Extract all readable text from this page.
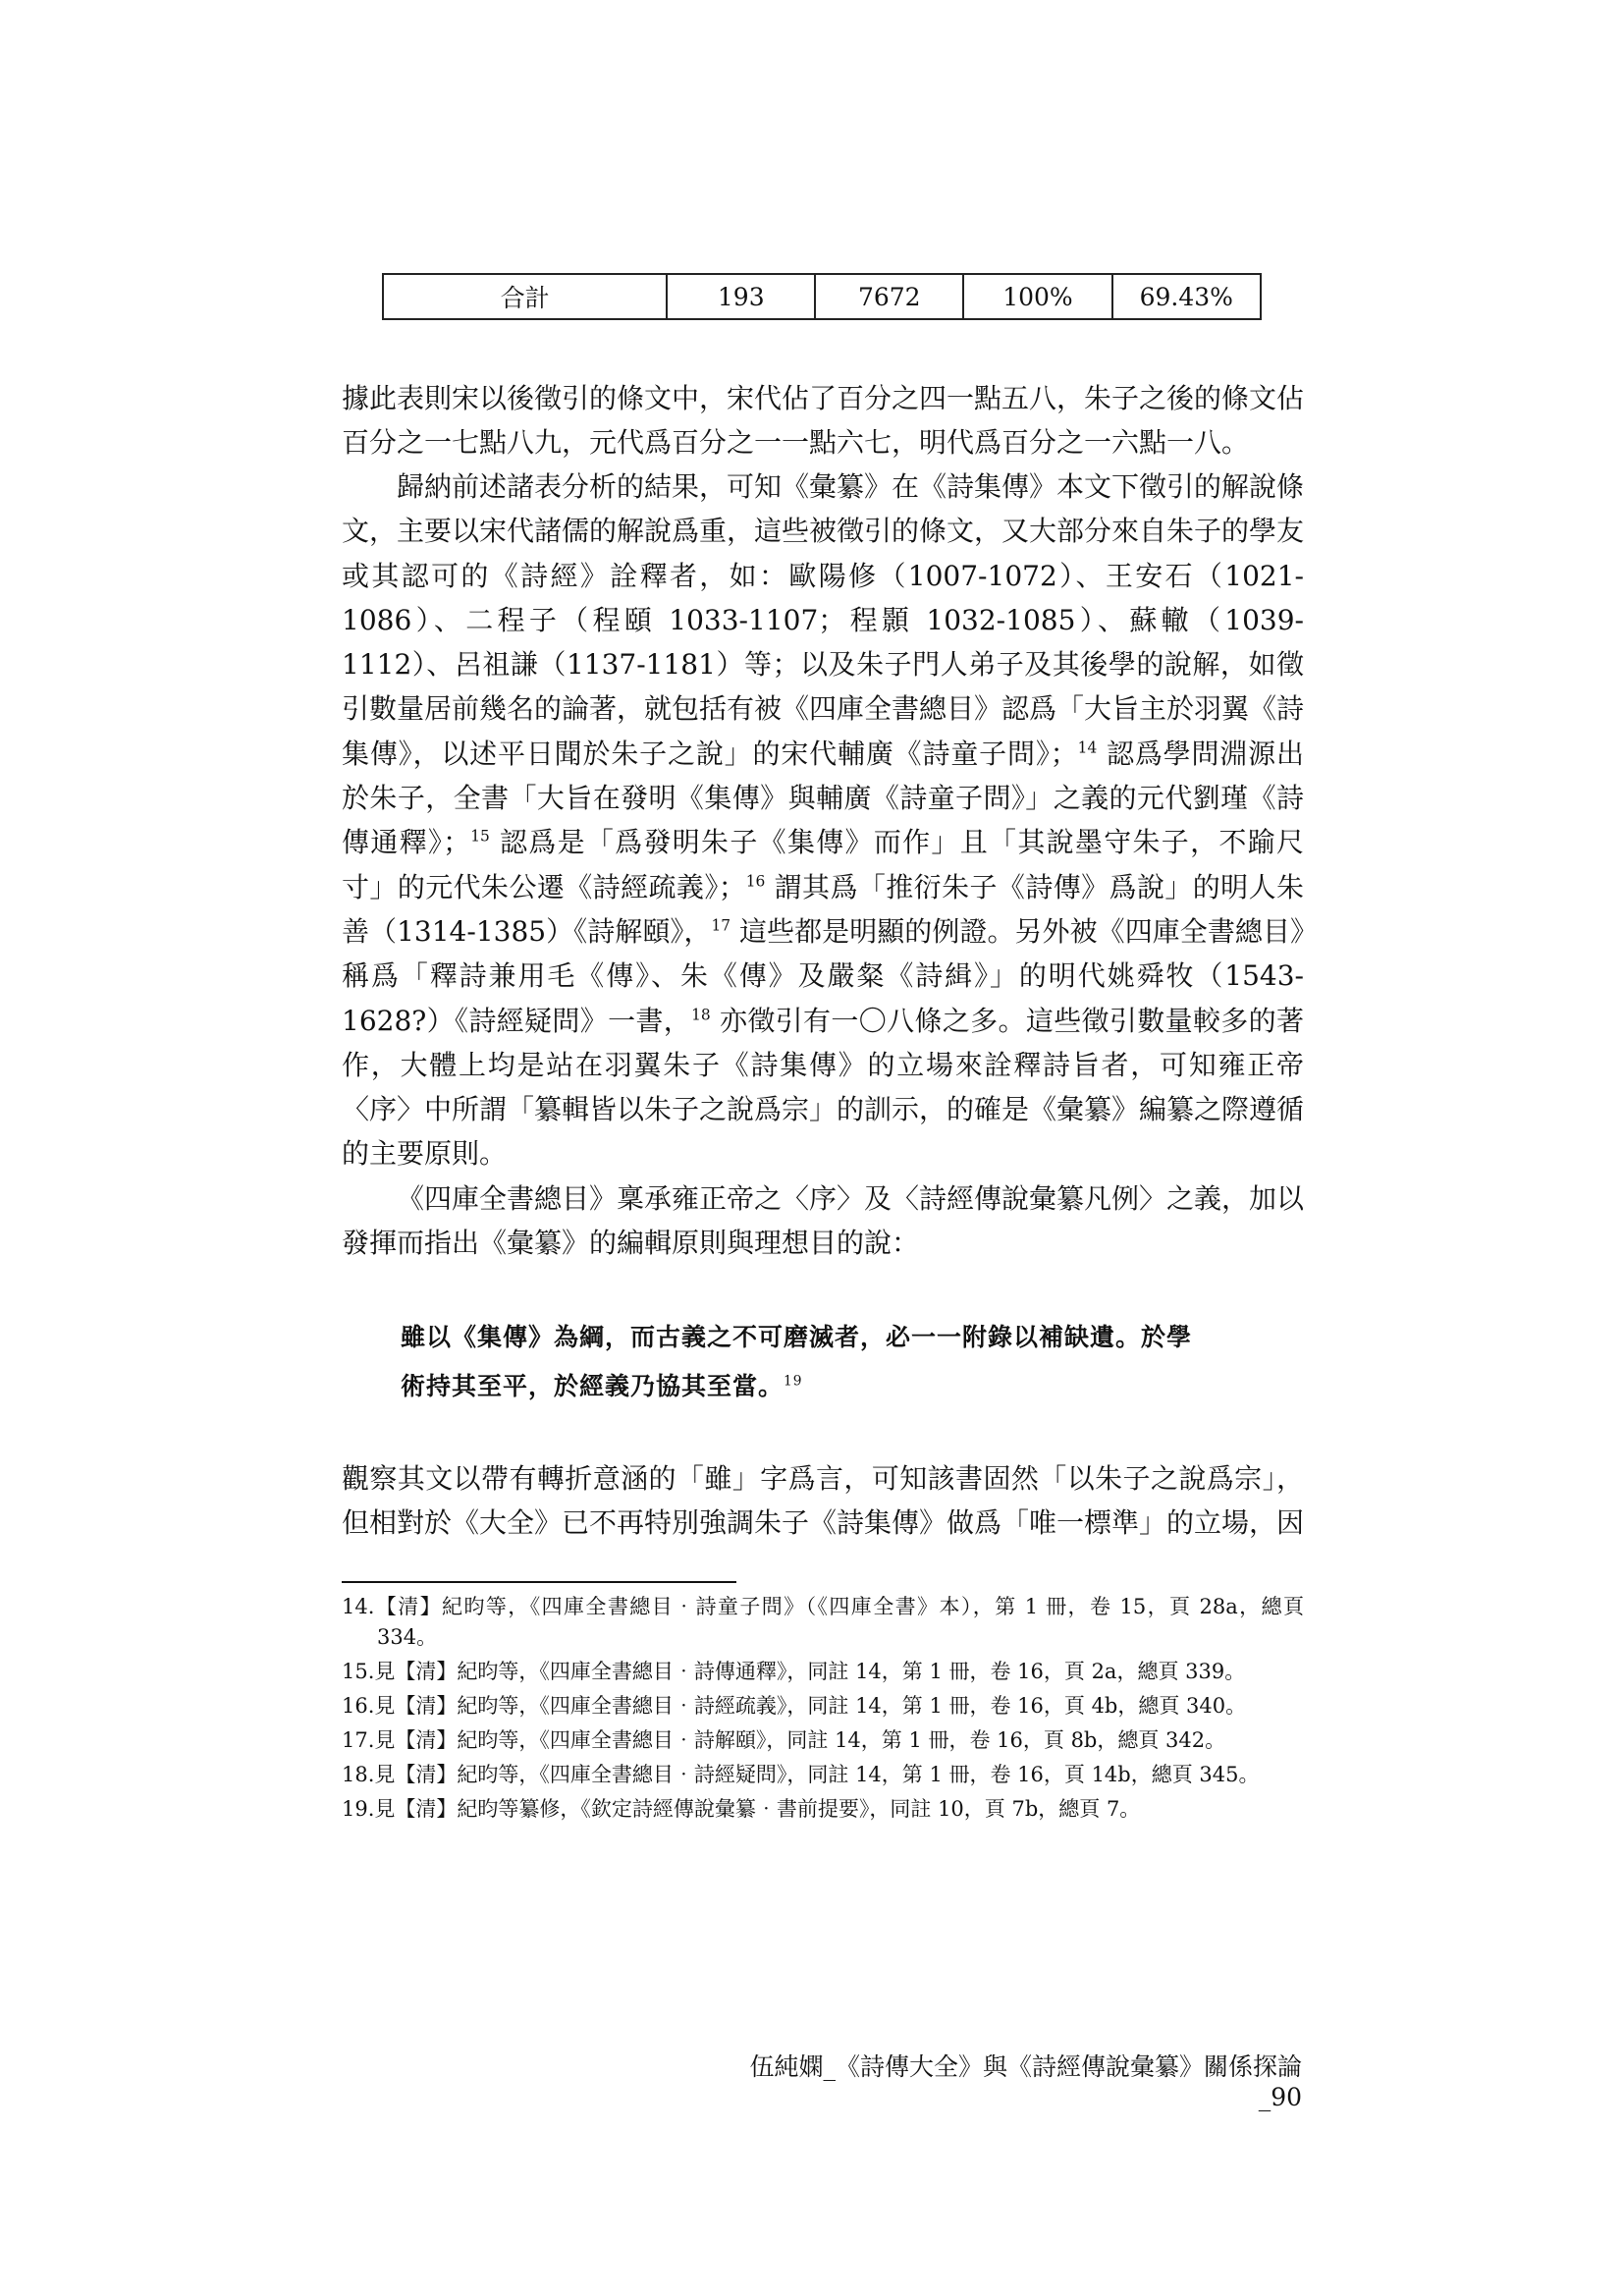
合計	193	7672	100%	69.43%

據此表則宋以後徵引的條文中，宋代佔了百分之四一點五八，朱子之後的條文佔百分之一七點八九，元代爲百分之一一點六七，明代爲百分之一六點一八。

歸納前述諸表分析的結果，可知《彙纂》在《詩集傳》本文下徵引的解說條文，主要以宋代諸儒的解說爲重，這些被徵引的條文，又大部分來自朱子的學友或其認可的《詩經》詮釋者，如：歐陽修（1007-1072）、王安石（1021-1086）、二程子（程頤 1033-1107；程顥 1032-1085）、蘇轍（1039-1112）、呂祖謙（1137-1181）等；以及朱子門人弟子及其後學的說解，如徵引數量居前幾名的論著，就包括有被《四庫全書總目》認爲「大旨主於羽翼《詩集傳》，以述平日聞於朱子之說」的宋代輔廣《詩童子問》；$^{14}$ 認爲學問淵源出於朱子，全書「大旨在發明《集傳》與輔廣《詩童子問》」之義的元代劉瑾《詩傳通釋》；$^{15}$ 認爲是「爲發明朱子《集傳》而作」且「其說墨守朱子，不踰尺寸」的元代朱公遷《詩經疏義》；$^{16}$ 謂其爲「推衍朱子《詩傳》爲說」的明人朱善（1314-1385）《詩解頤》，$^{17}$ 這些都是明顯的例證。另外被《四庫全書總目》稱爲「釋詩兼用毛《傳》、朱《傳》及嚴粲《詩緝》」的明代姚舜牧（1543-1628?）《詩經疑問》一書，$^{18}$ 亦徵引有一〇八條之多。這些徵引數量較多的著作，大體上均是站在羽翼朱子《詩集傳》的立場來詮釋詩旨者，可知雍正帝〈序〉中所謂「纂輯皆以朱子之說爲宗」的訓示，的確是《彙纂》編纂之際遵循的主要原則。

《四庫全書總目》稟承雍正帝之〈序〉及〈詩經傳說彙纂凡例〉之義，加以發揮而指出《彙纂》的編輯原則與理想目的說：

雖以《集傳》為綱，而古義之不可磨滅者，必一一附錄以補缺遺。於學

術持其至平，於經義乃協其至當。$^{19}$

觀察其文以帶有轉折意涵的「雖」字爲言，可知該書固然「以朱子之說爲宗」，但相對於《大全》已不再特別強調朱子《詩集傳》做爲「唯一標準」的立場，因

14.【清】紀昀等，《四庫全書總目‧詩童子問》（《四庫全書》本），第 1 冊，卷 15，頁 28a，總頁 334。

15.見【清】紀昀等，《四庫全書總目‧詩傳通釋》，同註 14，第 1 冊，卷 16，頁 2a，總頁 339。

16.見【清】紀昀等，《四庫全書總目‧詩經疏義》，同註 14，第 1 冊，卷 16，頁 4b，總頁 340。

17.見【清】紀昀等，《四庫全書總目‧詩解頤》，同註 14，第 1 冊，卷 16，頁 8b，總頁 342。

18.見【清】紀昀等，《四庫全書總目‧詩經疑問》，同註 14，第 1 冊，卷 16，頁 14b，總頁 345。

19.見【清】紀昀等纂修，《欽定詩經傳說彙纂‧書前提要》，同註 10，頁 7b，總頁 7。

伍純嫻_《詩傳大全》與《詩經傳說彙纂》關係探論_90
